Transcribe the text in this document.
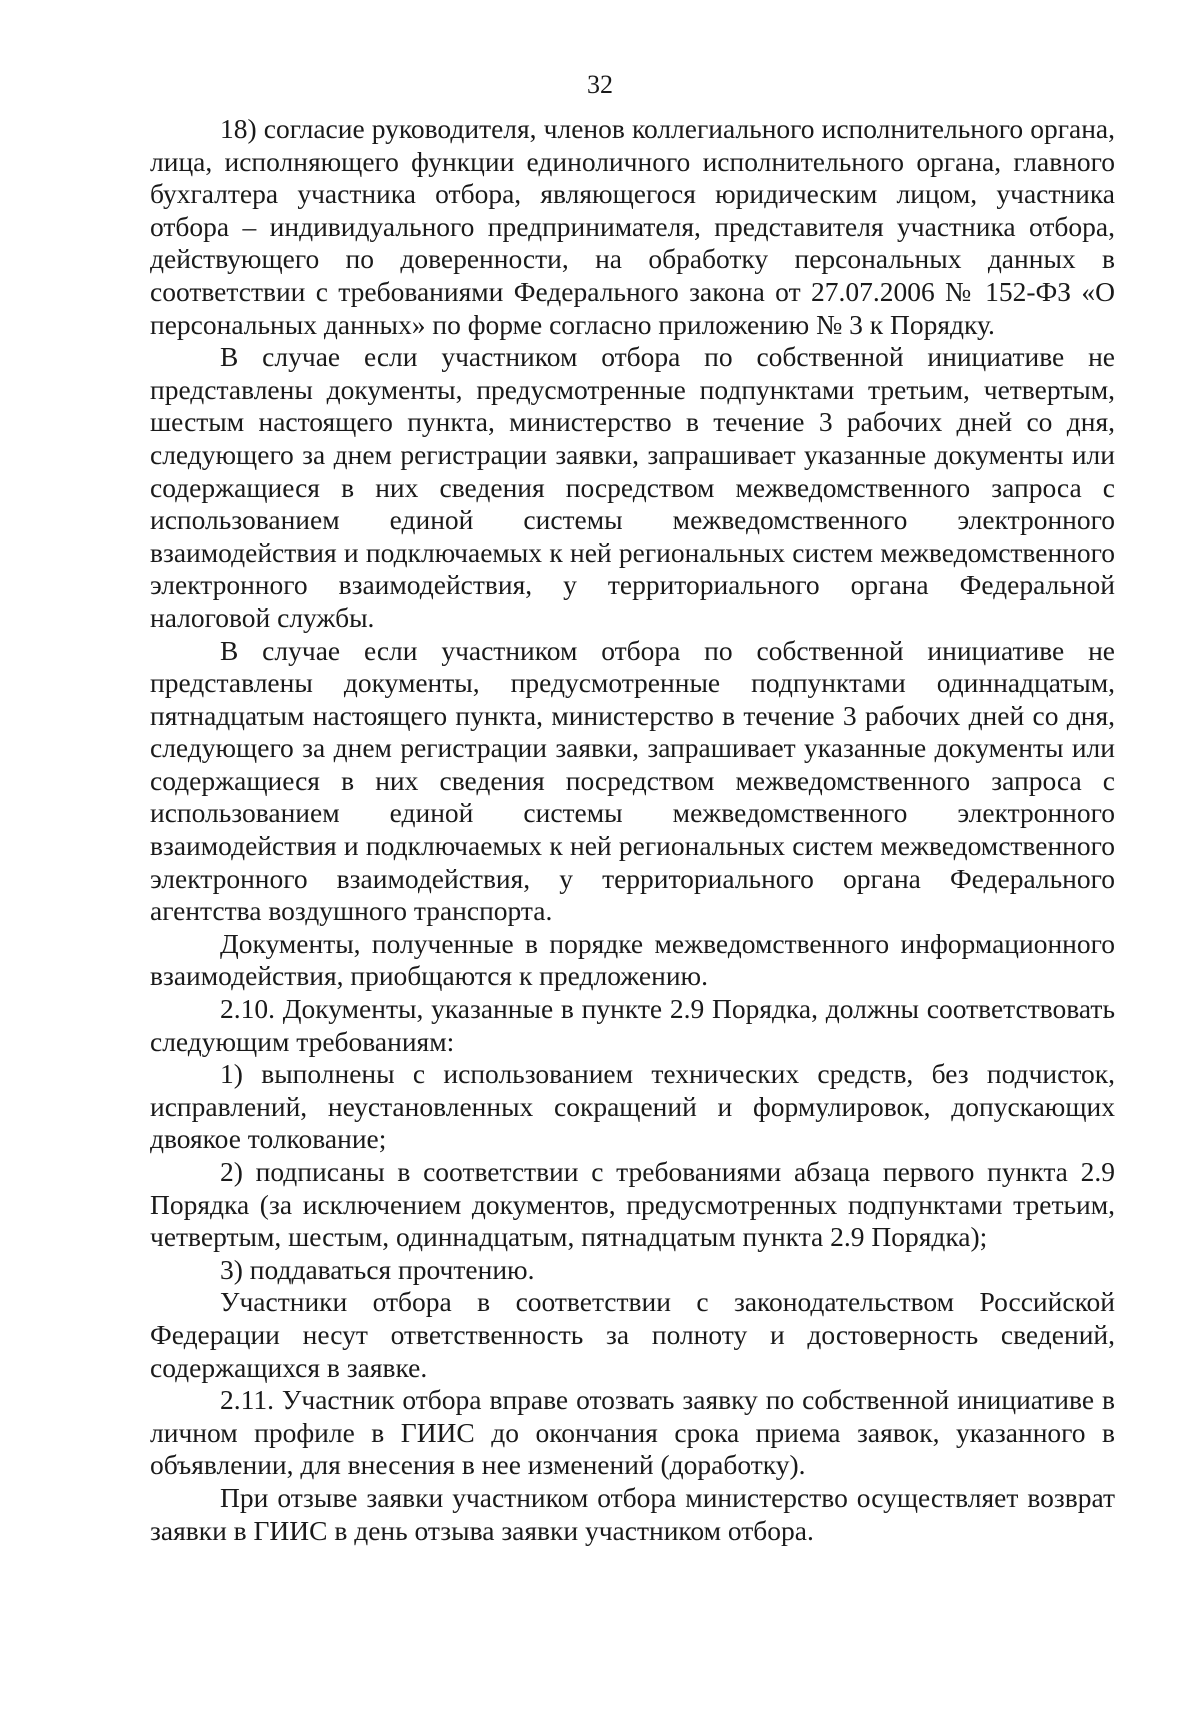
32

18) согласие руководителя, членов коллегиального исполнительного органа, лица, исполняющего функции единоличного исполнительного органа, главного бухгалтера участника отбора, являющегося юридическим лицом, участника отбора – индивидуального предпринимателя, представителя участника отбора, действующего по доверенности, на обработку персональных данных в соответствии с требованиями Федерального закона от 27.07.2006 № 152-ФЗ «О персональных данных» по форме согласно приложению № 3 к Порядку.

В случае если участником отбора по собственной инициативе не представлены документы, предусмотренные подпунктами третьим, четвертым, шестым настоящего пункта, министерство в течение 3 рабочих дней со дня, следующего за днем регистрации заявки, запрашивает указанные документы или содержащиеся в них сведения посредством межведомственного запроса с использованием единой системы межведомственного электронного взаимодействия и подключаемых к ней региональных систем межведомственного электронного взаимодействия, у территориального органа Федеральной налоговой службы.

В случае если участником отбора по собственной инициативе не представлены документы, предусмотренные подпунктами одиннадцатым, пятнадцатым настоящего пункта, министерство в течение 3 рабочих дней со дня, следующего за днем регистрации заявки, запрашивает указанные документы или содержащиеся в них сведения посредством межведомственного запроса с использованием единой системы межведомственного электронного взаимодействия и подключаемых к ней региональных систем межведомственного электронного взаимодействия, у территориального органа Федерального агентства воздушного транспорта.

Документы, полученные в порядке межведомственного информационного взаимодействия, приобщаются к предложению.

2.10. Документы, указанные в пункте 2.9 Порядка, должны соответствовать следующим требованиям:

1) выполнены с использованием технических средств, без подчисток, исправлений, неустановленных сокращений и формулировок, допускающих двоякое толкование;

2) подписаны в соответствии с требованиями абзаца первого пункта 2.9 Порядка (за исключением документов, предусмотренных подпунктами третьим, четвертым, шестым, одиннадцатым, пятнадцатым пункта 2.9 Порядка);

3) поддаваться прочтению.

Участники отбора в соответствии с законодательством Российской Федерации несут ответственность за полноту и достоверность сведений, содержащихся в заявке.

2.11. Участник отбора вправе отозвать заявку по собственной инициативе в личном профиле в ГИИС до окончания срока приема заявок, указанного в объявлении, для внесения в нее изменений (доработку).

При отзыве заявки участником отбора министерство осуществляет возврат заявки в ГИИС в день отзыва заявки участником отбора.
